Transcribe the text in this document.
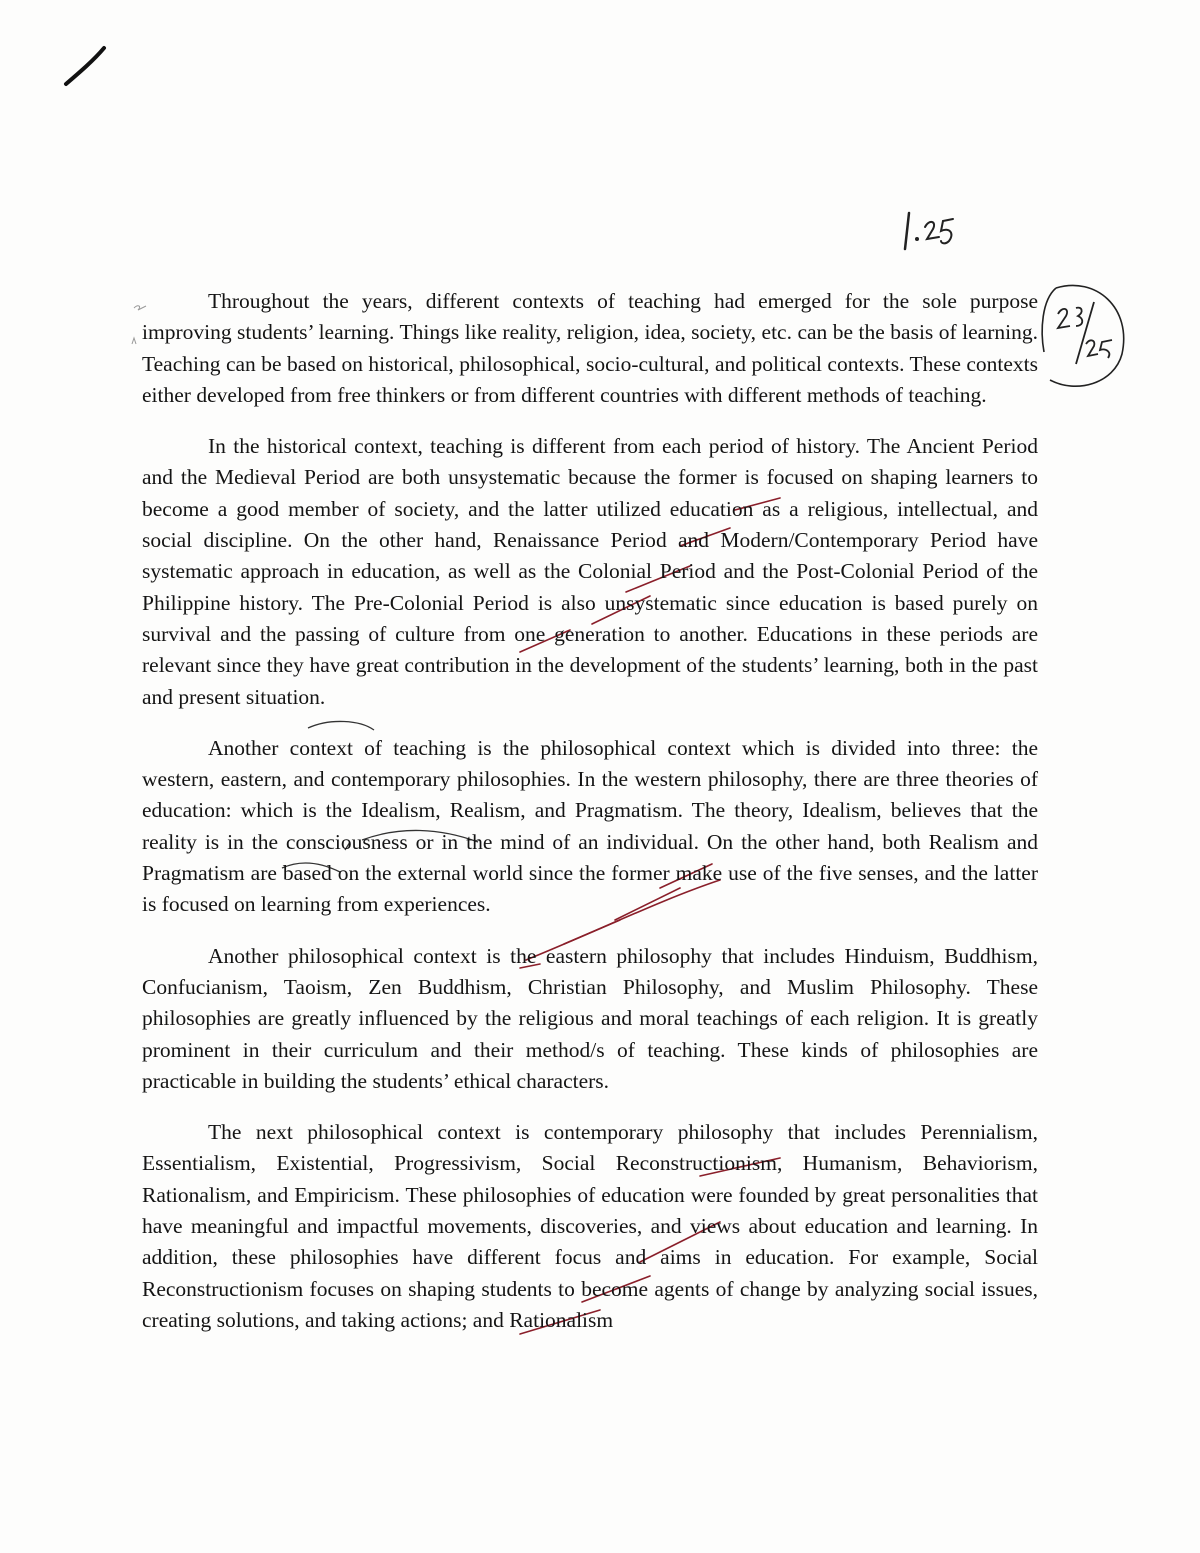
Throughout the years, different contexts of teaching had emerged for the sole purpose improving students’ learning. Things like reality, religion, idea, society, etc. can be the basis of learning. Teaching can be based on historical, philosophical, socio-cultural, and political contexts. These contexts either developed from free thinkers or from different countries with different methods of teaching.

In the historical context, teaching is different from each period of history. The Ancient Period and the Medieval Period are both unsystematic because the former is focused on shaping learners to become a good member of society, and the latter utilized education as a religious, intellectual, and social discipline. On the other hand, Renaissance Period and Modern/Contemporary Period have systematic approach in education, as well as the Colonial Period and the Post-Colonial Period of the Philippine history. The Pre-Colonial Period is also unsystematic since education is based purely on survival and the passing of culture from one generation to another. Educations in these periods are relevant since they have great contribution in the development of the students’ learning, both in the past and present situation.

Another context of teaching is the philosophical context which is divided into three: the western, eastern, and contemporary philosophies. In the western philosophy, there are three theories of education: which is the Idealism, Realism, and Pragmatism. The theory, Idealism, believes that the reality is in the consciousness or in the mind of an individual. On the other hand, both Realism and Pragmatism are based on the external world since the former make use of the five senses, and the latter is focused on learning from experiences.

Another philosophical context is the eastern philosophy that includes Hinduism, Buddhism, Confucianism, Taoism, Zen Buddhism, Christian Philosophy, and Muslim Philosophy. These philosophies are greatly influenced by the religious and moral teachings of each religion. It is greatly prominent in their curriculum and their method/s of teaching. These kinds of philosophies are practicable in building the students’ ethical characters.

The next philosophical context is contemporary philosophy that includes Perennialism, Essentialism, Existential, Progressivism, Social Reconstructionism, Humanism, Behaviorism, Rationalism, and Empiricism. These philosophies of education were founded by great personalities that have meaningful and impactful movements, discoveries, and views about education and learning. In addition, these philosophies have different focus and aims in education. For example, Social Reconstructionism focuses on shaping students to become agents of change by analyzing social issues, creating solutions, and taking actions; and Rationalism
